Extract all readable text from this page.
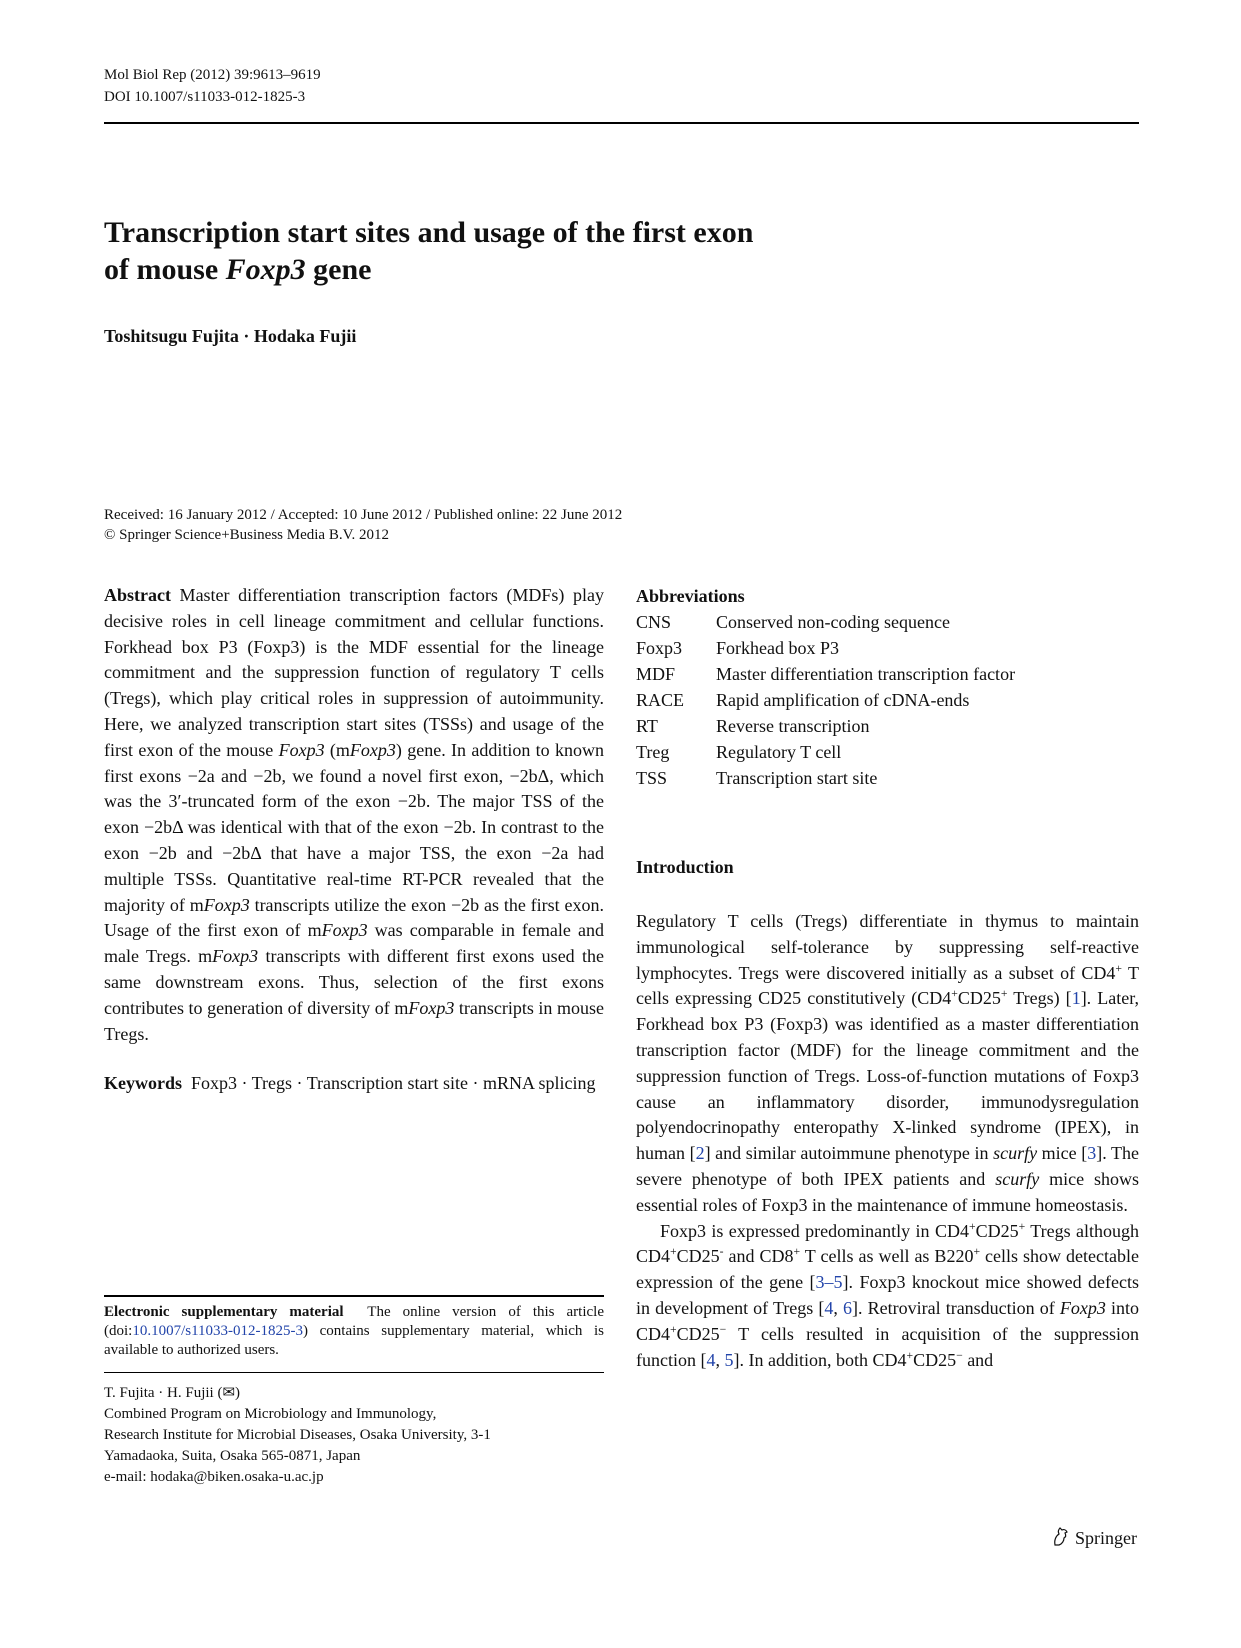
Mol Biol Rep (2012) 39:9613–9619
DOI 10.1007/s11033-012-1825-3
Transcription start sites and usage of the first exon
of mouse Foxp3 gene
Toshitsugu Fujita · Hodaka Fujii
Received: 16 January 2012 / Accepted: 10 June 2012 / Published online: 22 June 2012
© Springer Science+Business Media B.V. 2012

Abstract Master differentiation transcription factors (MDFs) play decisive roles in cell lineage commitment and cellular functions. Forkhead box P3 (Foxp3) is the MDF essential for the lineage commitment and the suppression function of regulatory T cells (Tregs), which play critical roles in suppression of autoimmunity. Here, we analyzed transcription start sites (TSSs) and usage of the first exon of the mouse Foxp3 (mFoxp3) gene. In addition to known first exons −2a and −2b, we found a novel first exon, −2bΔ, which was the 3′-truncated form of the exon −2b. The major TSS of the exon −2bΔ was identical with that of the exon −2b. In contrast to the exon −2b and −2bΔ that have a major TSS, the exon −2a had multiple TSSs. Quantitative real-time RT-PCR revealed that the majority of mFoxp3 transcripts utilize the exon −2b as the first exon. Usage of the first exon of mFoxp3 was comparable in female and male Tregs. mFoxp3 transcripts with different first exons used the same downstream exons. Thus, selection of the first exons contributes to generation of diversity of mFoxp3 transcripts in mouse Tregs.

Keywords  Foxp3 · Tregs · Transcription start site · mRNA splicing
Electronic supplementary material  The online version of this article (doi:10.1007/s11033-012-1825-3) contains supplementary material, which is available to authorized users.
T. Fujita · H. Fujii (✉)
Combined Program on Microbiology and Immunology,
Research Institute for Microbial Diseases, Osaka University, 3-1
Yamadaoka, Suita, Osaka 565-0871, Japan
e-mail: hodaka@biken.osaka-u.ac.jp
Abbreviations
CNS	Conserved non-coding sequence
Foxp3	Forkhead box P3
MDF	Master differentiation transcription factor
RACE	Rapid amplification of cDNA-ends
RT	Reverse transcription
Treg	Regulatory T cell
TSS	Transcription start site
Introduction

Regulatory T cells (Tregs) differentiate in thymus to maintain immunological self-tolerance by suppressing self-reactive lymphocytes. Tregs were discovered initially as a subset of CD4+ T cells expressing CD25 constitutively (CD4+CD25+ Tregs) [1]. Later, Forkhead box P3 (Foxp3) was identified as a master differentiation transcription factor (MDF) for the lineage commitment and the suppression function of Tregs. Loss-of-function mutations of Foxp3 cause an inflammatory disorder, immunodysregulation polyendocrinopathy enteropathy X-linked syndrome (IPEX), in human [2] and similar autoimmune phenotype in scurfy mice [3]. The severe phenotype of both IPEX patients and scurfy mice shows essential roles of Foxp3 in the maintenance of immune homeostasis.

Foxp3 is expressed predominantly in CD4+CD25+ Tregs although CD4+CD25- and CD8+ T cells as well as B220+ cells show detectable expression of the gene [3–5]. Foxp3 knockout mice showed defects in development of Tregs [4, 6]. Retroviral transduction of Foxp3 into CD4+CD25− T cells resulted in acquisition of the suppression function [4, 5]. In addition, both CD4+CD25− and

Springer
